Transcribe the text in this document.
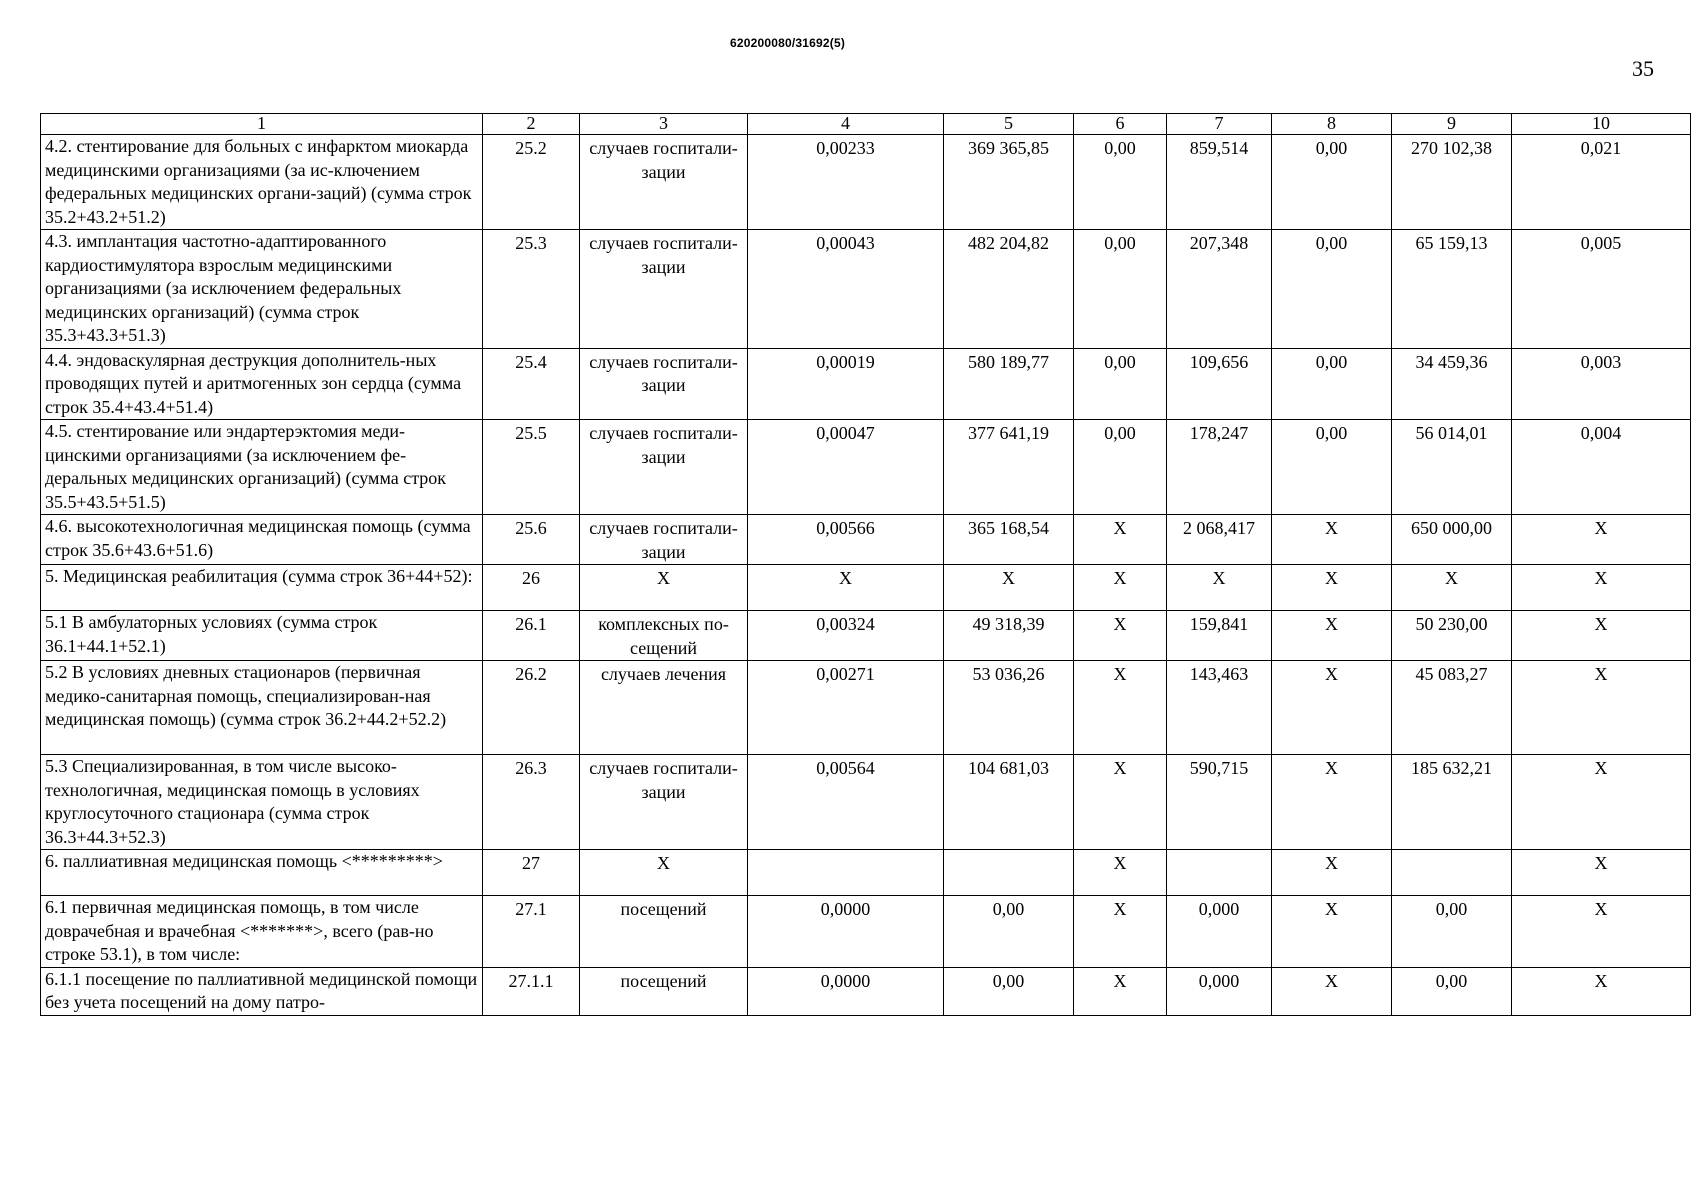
620200080/31692(5)
35
1	2	3	4	5	6	7	8	9	10
4.2. стентирование для больных с инфарктом миокарда медицинскими организациями (за ис-ключением федеральных медицинских органи-заций) (сумма строк 35.2+43.2+51.2)	25.2	случаев госпитали-зации	0,00233	369 365,85	0,00	859,514	0,00	270 102,38	0,021
4.3. имплантация частотно-адаптированного кардиостимулятора взрослым медицинскими организациями (за исключением федеральных медицинских организаций) (сумма строк 35.3+43.3+51.3)	25.3	случаев госпитали-зации	0,00043	482 204,82	0,00	207,348	0,00	65 159,13	0,005
4.4. эндоваскулярная деструкция дополнитель-ных проводящих путей и аритмогенных зон сердца (сумма строк 35.4+43.4+51.4)	25.4	случаев госпитали-зации	0,00019	580 189,77	0,00	109,656	0,00	34 459,36	0,003
4.5. стентирование или эндартерэктомия меди-цинскими организациями (за исключением фе-деральных медицинских организаций) (сумма строк 35.5+43.5+51.5)	25.5	случаев госпитали-зации	0,00047	377 641,19	0,00	178,247	0,00	56 014,01	0,004
4.6. высокотехнологичная медицинская помощь (сумма строк 35.6+43.6+51.6)	25.6	случаев госпитали-зации	0,00566	365 168,54	X	2 068,417	X	650 000,00	X
5. Медицинская реабилитация (сумма строк 36+44+52):	26	X	X	X	X	X	X	X	X
5.1 В амбулаторных условиях (сумма строк 36.1+44.1+52.1)	26.1	комплексных по-сещений	0,00324	49 318,39	X	159,841	X	50 230,00	X
5.2 В условиях дневных стационаров (первичная медико-санитарная помощь, специализирован-ная медицинская помощь) (сумма строк 36.2+44.2+52.2)	26.2	случаев лечения	0,00271	53 036,26	X	143,463	X	45 083,27	X
5.3 Специализированная, в том числе высоко-технологичная, медицинская помощь в условиях круглосуточного стационара (сумма строк 36.3+44.3+52.3)	26.3	случаев госпитали-зации	0,00564	104 681,03	X	590,715	X	185 632,21	X
6. паллиативная медицинская помощь <*********>	27	X			X		X		X
6.1 первичная медицинская помощь, в том числе доврачебная и врачебная <*******>, всего (рав-но строке 53.1), в том числе:	27.1	посещений	0,0000	0,00	X	0,000	X	0,00	X
6.1.1 посещение по паллиативной медицинской помощи без учета посещений на дому патро-	27.1.1	посещений	0,0000	0,00	X	0,000	X	0,00	X
